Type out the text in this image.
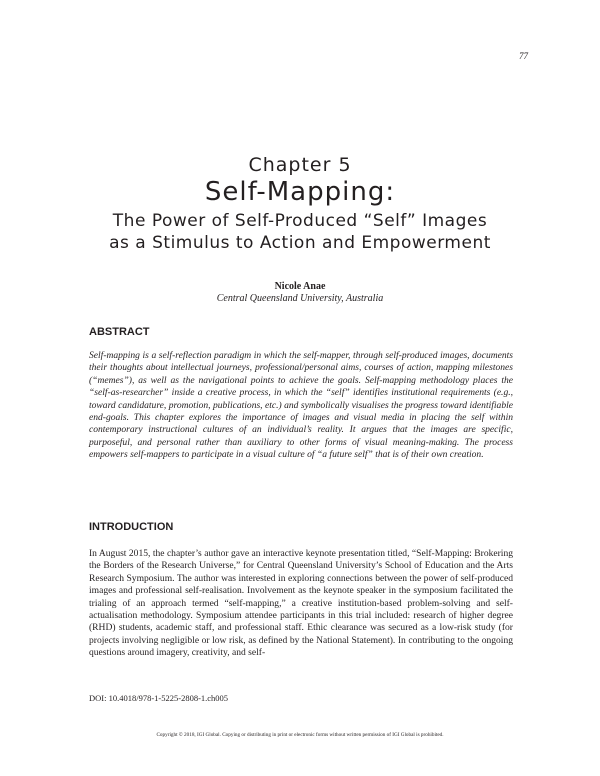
77
Chapter 5
Self-Mapping:
The Power of Self-Produced “Self” Images
as a Stimulus to Action and Empowerment
Nicole Anae
Central Queensland University, Australia
ABSTRACT

Self-mapping is a self-reflection paradigm in which the self-mapper, through self-produced images, documents their thoughts about intellectual journeys, professional/personal aims, courses of action, mapping milestones (“memes”), as well as the navigational points to achieve the goals. Self-mapping methodology places the “self-as-researcher” inside a creative process, in which the “self” identifies institutional requirements (e.g., toward candidature, promotion, publications, etc.) and symbolically visualises the progress toward identifiable end-goals. This chapter explores the importance of images and visual media in placing the self within contemporary instructional cultures of an individual’s reality. It argues that the images are specific, purposeful, and personal rather than auxiliary to other forms of visual meaning-making. The process empowers self-mappers to participate in a visual culture of “a future self” that is of their own creation.

INTRODUCTION

In August 2015, the chapter’s author gave an interactive keynote presentation titled, “Self-Mapping: Brokering the Borders of the Research Universe,” for Central Queensland University’s School of Education and the Arts Research Symposium. The author was interested in exploring connections between the power of self-produced images and professional self-realisation. Involvement as the keynote speaker in the symposium facilitated the trialing of an approach termed “self-mapping,” a creative institution-based problem-solving and self-actualisation methodology. Symposium attendee participants in this trial included: research of higher degree (RHD) students, academic staff, and professional staff. Ethic clearance was secured as a low-risk study (for projects involving negligible or low risk, as defined by the National Statement). In contributing to the ongoing questions around imagery, creativity, and self-

DOI: 10.4018/978-1-5225-2808-1.ch005
Copyright © 2018, IGI Global. Copying or distributing in print or electronic forms without written permission of IGI Global is prohibited.
